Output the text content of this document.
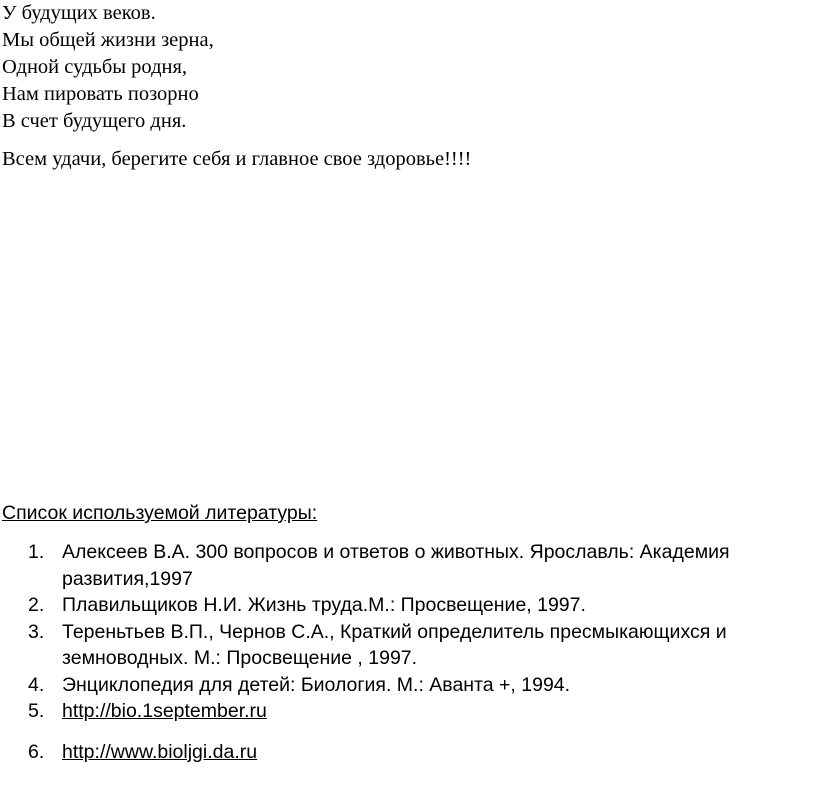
У будущих веков.
Мы общей жизни зерна,
Одной судьбы родня,
Нам пировать позорно
В счет будущего дня.
Всем удачи, берегите себя и главное свое здоровье!!!!
Список используемой литературы:
1. Алексеев В.А. 300 вопросов и ответов о животных. Ярославль: Академия
развития,1997
2. Плавильщиков Н.И. Жизнь труда.М.: Просвещение, 1997.
3. Тереньтьев В.П., Чернов С.А., Краткий определитель пресмыкающихся и
земноводных. М.: Просвещение , 1997.
4. Энциклопедия для детей: Биология. М.: Аванта +, 1994.
5. http://bio.1september.ru
6. http://www.bioljgi.da.ru
